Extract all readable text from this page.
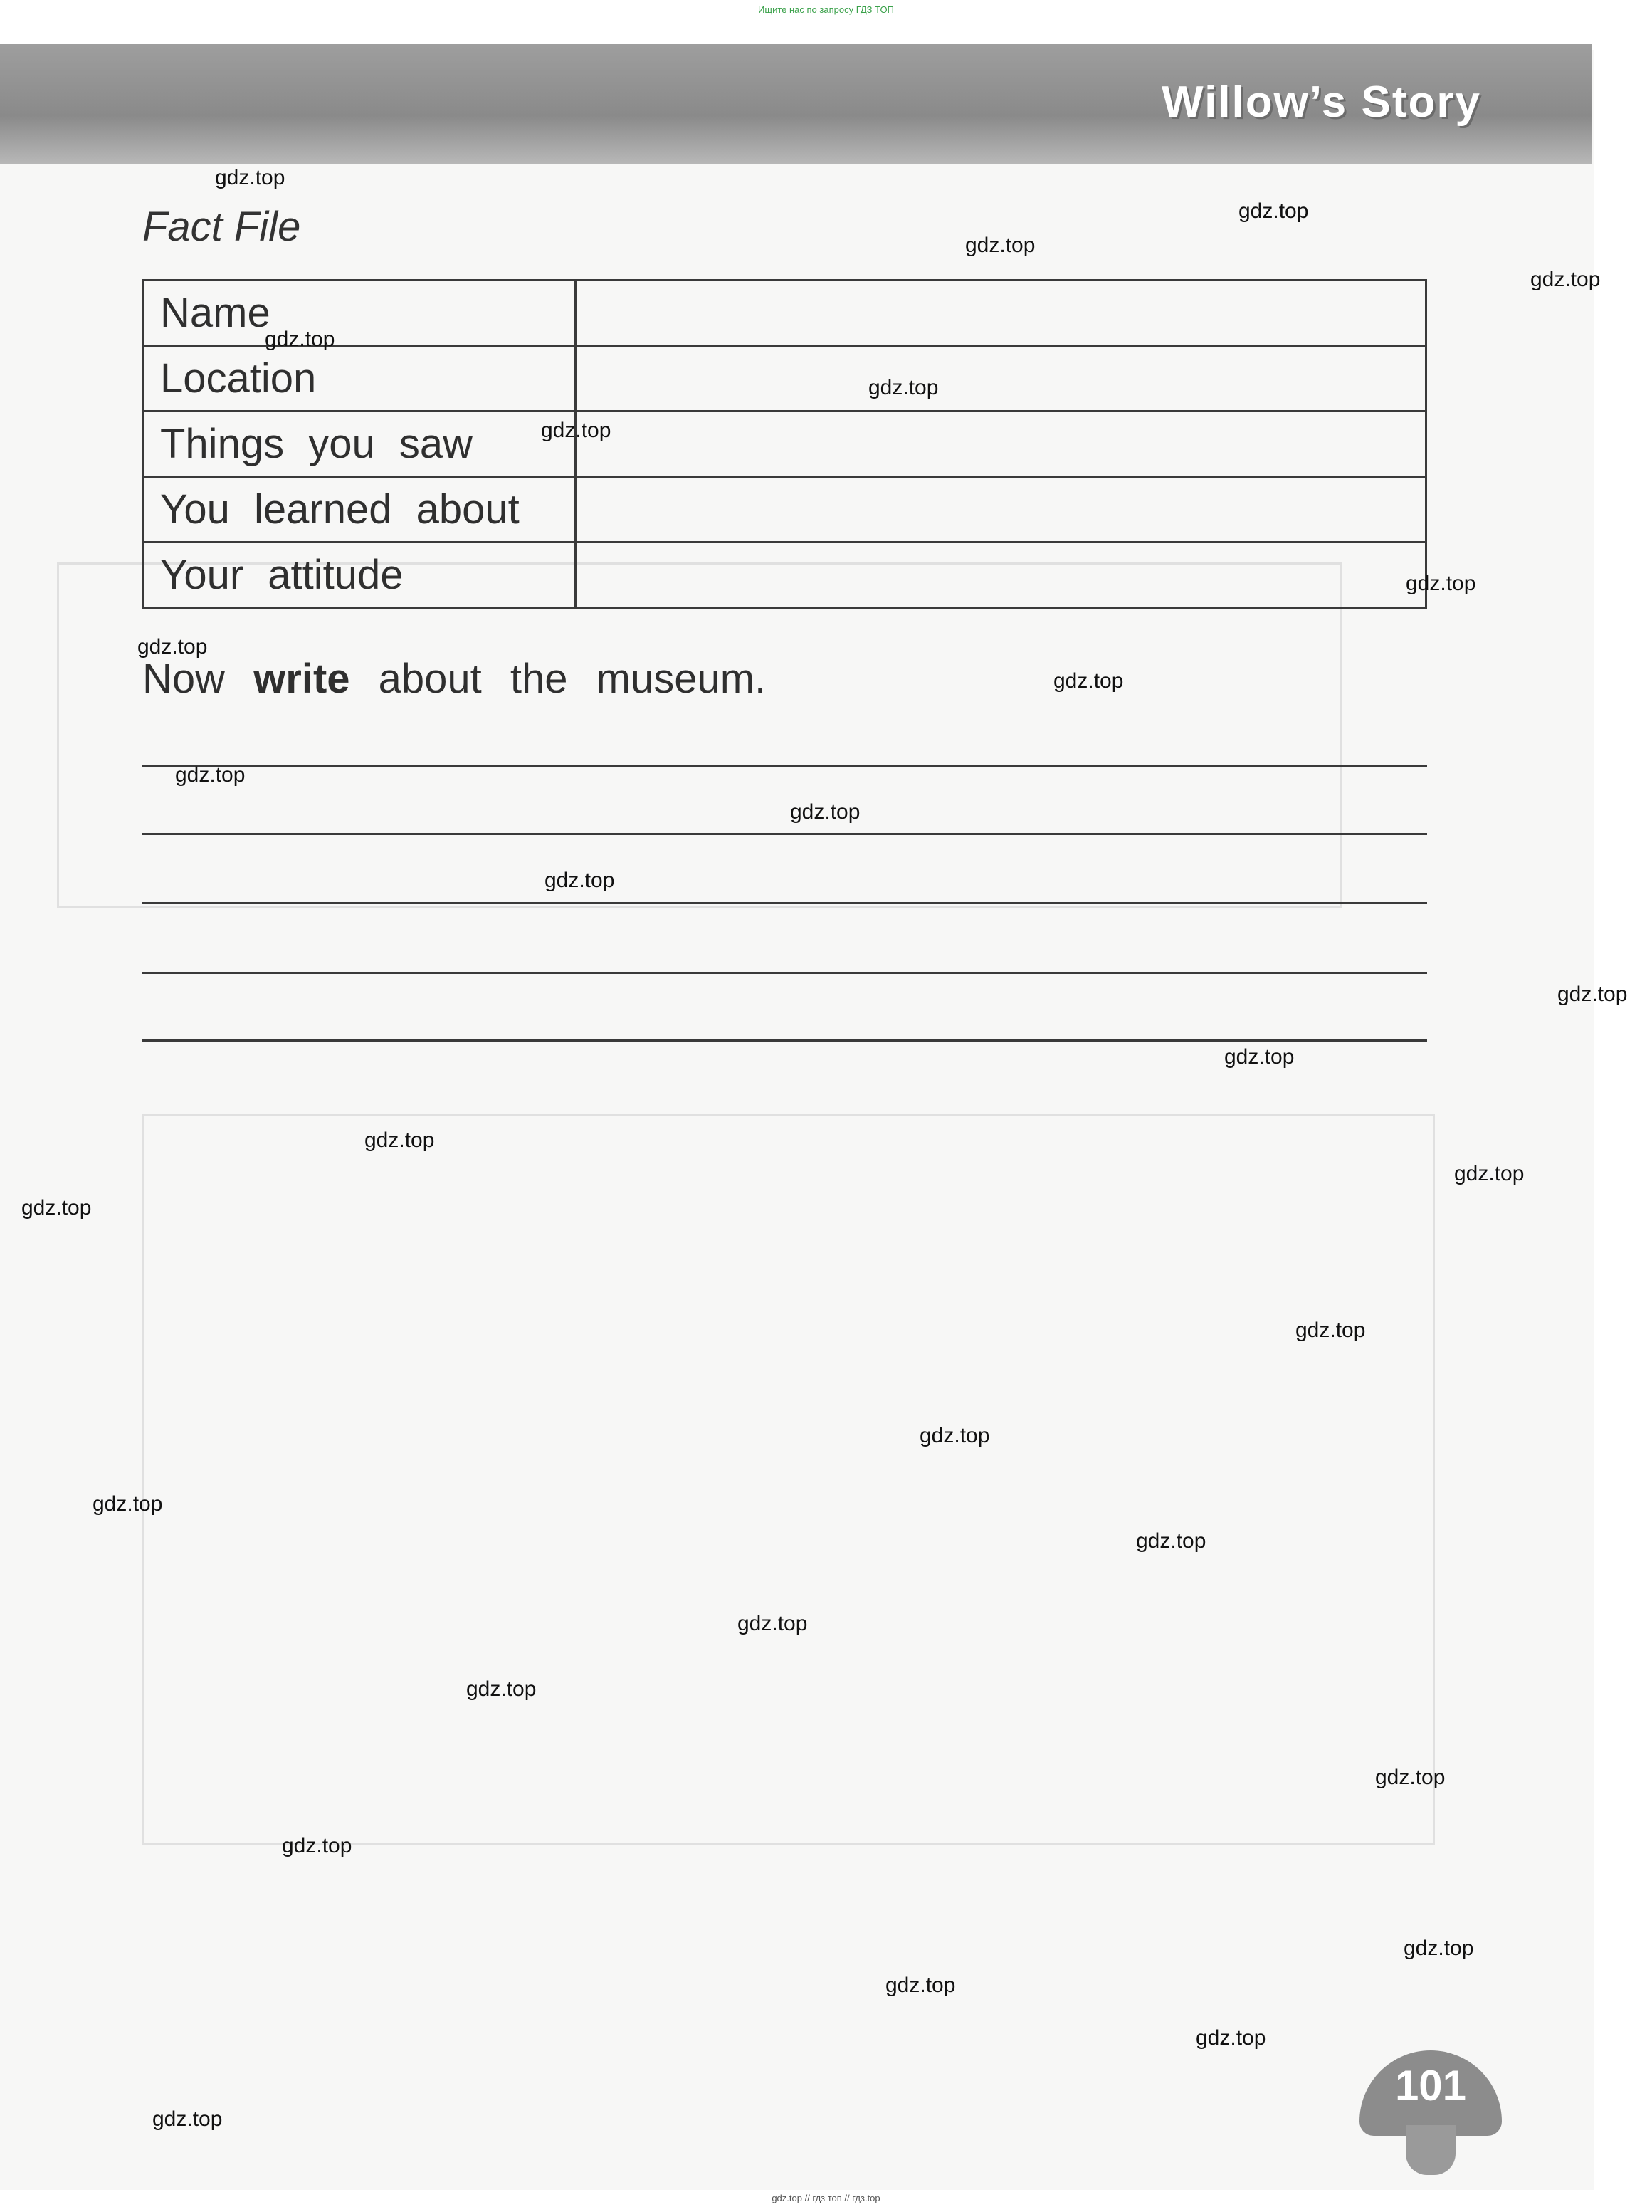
Ищите нас по запросу ГДЗ ТОП

Willow’s Story
Fact File
Name	
Location	
Things you saw	
You learned about	
Your attitude	
Now write about the museum.
101
gdz.top
gdz.top
gdz.top
gdz.top
gdz.top
gdz.top
gdz.top
gdz.top
gdz.top
gdz.top
gdz.top
gdz.top
gdz.top
gdz.top
gdz.top
gdz.top
gdz.top
gdz.top
gdz.top
gdz.top
gdz.top
gdz.top
gdz.top
gdz.top
gdz.top
gdz.top
gdz.top
gdz.top
gdz.top
gdz.top
gdz.top // гдз топ // гдз.top
